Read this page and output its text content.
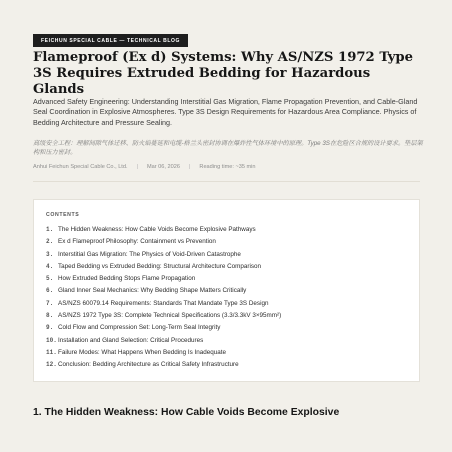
FEICHUN SPECIAL CABLE — TECHNICAL BLOG
Flameproof (Ex d) Systems: Why AS/NZS 1972 Type 3S Requires Extruded Bedding for Hazardous Glands

Advanced Safety Engineering: Understanding Interstitial Gas Migration, Flame Propagation Prevention, and Cable-Gland Seal Coordination in Explosive Atmospheres. Type 3S Design Requirements for Hazardous Area Compliance. Physics of Bedding Architecture and Pressure Sealing.

高级安全工程：理解间隙气体迁移、防火焰蔓延和电缆-格兰头密封协调在爆炸性气体环境中的原理。Type 3S在危险区合规的设计要求。垫层架构和压力密封。

Anhui Feichun Special Cable Co., Ltd. | Mar 06, 2026 | Reading time: ~35 min
CONTENTS
1. The Hidden Weakness: How Cable Voids Become Explosive Pathways
2. Ex d Flameproof Philosophy: Containment vs Prevention
3. Interstitial Gas Migration: The Physics of Void-Driven Catastrophe
4. Taped Bedding vs Extruded Bedding: Structural Architecture Comparison
5. How Extruded Bedding Stops Flame Propagation
6. Gland Inner Seal Mechanics: Why Bedding Shape Matters Critically
7. AS/NZS 60079.14 Requirements: Standards That Mandate Type 3S Design
8. AS/NZS 1972 Type 3S: Complete Technical Specifications (3.3/3.3kV 3×95mm²)
9. Cold Flow and Compression Set: Long-Term Seal Integrity
10. Installation and Gland Selection: Critical Procedures
11. Failure Modes: What Happens When Bedding Is Inadequate
12. Conclusion: Bedding Architecture as Critical Safety Infrastructure
1. The Hidden Weakness: How Cable Voids Become Explosive
